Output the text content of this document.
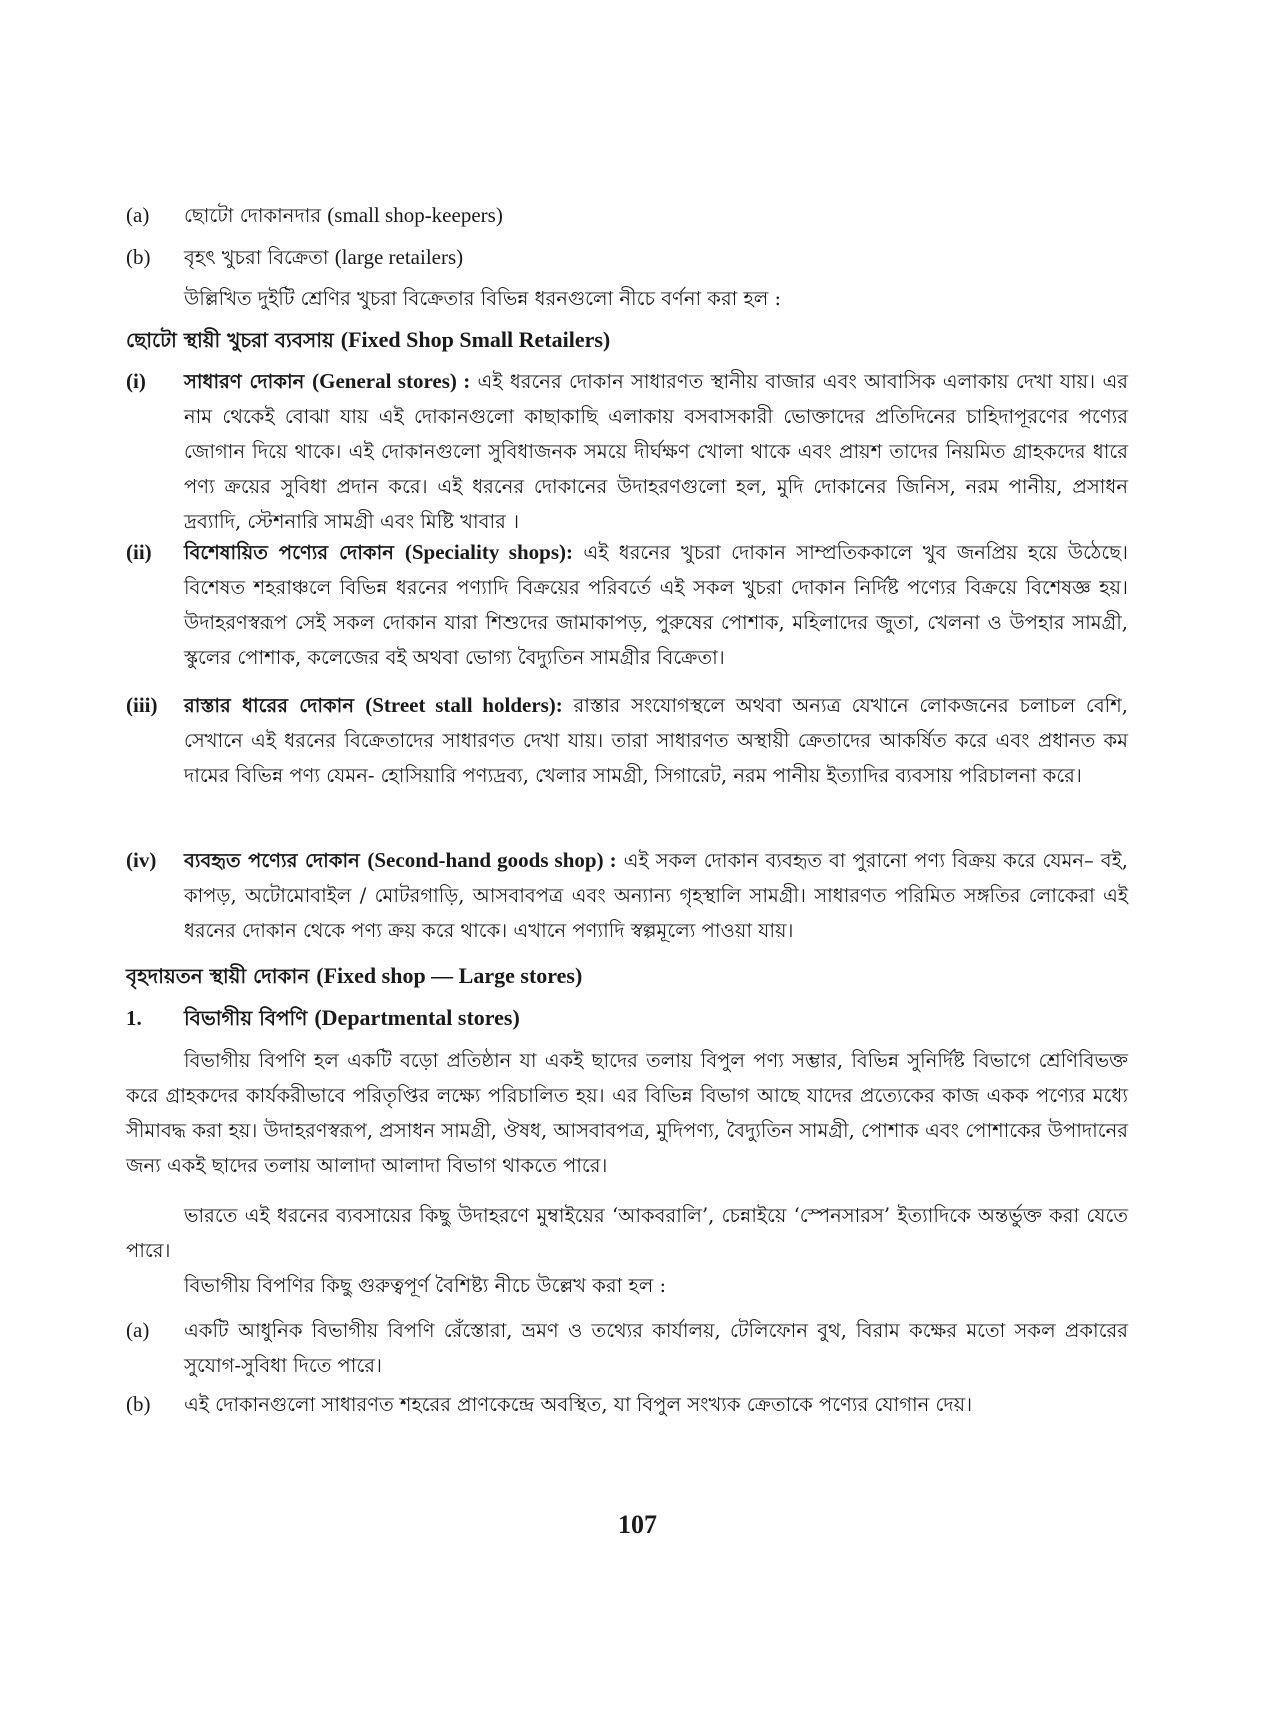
(a) ছোটো দোকানদার (small shop-keepers)
(b) বৃহৎ খুচরা বিক্রেতা (large retailers)
উল্লিখিত দুইটি শ্রেণির খুচরা বিক্রেতার বিভিন্ন ধরনগুলো নীচে বর্ণনা করা হল :
ছোটো স্থায়ী খুচরা ব্যবসায় (Fixed Shop Small Retailers)
(i) সাধারণ দোকান (General stores) : এই ধরনের দোকান সাধারণত স্থানীয় বাজার এবং আবাসিক এলাকায় দেখা যায়। এর নাম থেকেই বোঝা যায় এই দোকানগুলো কাছাকাছি এলাকায় বসবাসকারী ভোক্তাদের প্রতিদিনের চাহিদাপূরণের পণ্যের জোগান দিয়ে থাকে। এই দোকানগুলো সুবিধাজনক সময়ে দীর্ঘক্ষণ খোলা থাকে এবং প্রায়শ তাদের নিয়মিত গ্রাহকদের ধারে পণ্য ক্রয়ের সুবিধা প্রদান করে। এই ধরনের দোকানের উদাহরণগুলো হল, মুদি দোকানের জিনিস, নরম পানীয়, প্রসাধন দ্রব্যাদি, স্টেশনারি সামগ্রী এবং মিষ্টি খাবার ।
(ii) বিশেষায়িত পণ্যের দোকান (Speciality shops): এই ধরনের খুচরা দোকান সাম্প্রতিককালে খুব জনপ্রিয় হয়ে উঠেছে। বিশেষত শহরাঞ্চলে বিভিন্ন ধরনের পণ্যাদি বিক্রয়ের পরিবর্তে এই সকল খুচরা দোকান নির্দিষ্ট পণ্যের বিক্রয়ে বিশেষজ্ঞ হয়। উদাহরণস্বরূপ সেই সকল দোকান যারা শিশুদের জামাকাপড়, পুরুষের পোশাক, মহিলাদের জুতা, খেলনা ও উপহার সামগ্রী, স্কুলের পোশাক, কলেজের বই অথবা ভোগ্য বৈদ্যুতিন সামগ্রীর বিক্রেতা।
(iii) রাস্তার ধারের দোকান (Street stall holders): রাস্তার সংযোগস্থলে অথবা অন্যত্র যেখানে লোকজনের চলাচল বেশি, সেখানে এই ধরনের বিক্রেতাদের সাধারণত দেখা যায়। তারা সাধারণত অস্থায়ী ক্রেতাদের আকর্ষিত করে এবং প্রধানত কম দামের বিভিন্ন পণ্য যেমন- হোসিয়ারি পণ্যদ্রব্য, খেলার সামগ্রী, সিগারেট, নরম পানীয় ইত্যাদির ব্যবসায় পরিচালনা করে।
(iv) ব্যবহৃত পণ্যের দোকান (Second-hand goods shop) : এই সকল দোকান ব্যবহৃত বা পুরানো পণ্য বিক্রয় করে যেমন– বই, কাপড়, অটোমোবাইল / মোটরগাড়ি, আসবাবপত্র এবং অন্যান্য গৃহস্থালি সামগ্রী। সাধারণত পরিমিত সঙ্গতির লোকেরা এই ধরনের দোকান থেকে পণ্য ক্রয় করে থাকে। এখানে পণ্যাদি স্বল্পমূল্যে পাওয়া যায়।
বৃহদায়তন স্থায়ী দোকান (Fixed shop — Large stores)
1. বিভাগীয় বিপণি (Departmental stores)
বিভাগীয় বিপণি হল একটি বড়ো প্রতিষ্ঠান যা একই ছাদের তলায় বিপুল পণ্য সম্ভার, বিভিন্ন সুনির্দিষ্ট বিভাগে শ্রেণিবিভক্ত করে গ্রাহকদের কার্যকরীভাবে পরিতৃপ্তির লক্ষ্যে পরিচালিত হয়। এর বিভিন্ন বিভাগ আছে যাদের প্রত্যেকের কাজ একক পণ্যের মধ্যে সীমাবদ্ধ করা হয়। উদাহরণস্বরূপ, প্রসাধন সামগ্রী, ঔষধ, আসবাবপত্র, মুদিপণ্য, বৈদ্যুতিন সামগ্রী, পোশাক এবং পোশাকের উপাদানের জন্য একই ছাদের তলায় আলাদা আলাদা বিভাগ থাকতে পারে।
ভারতে এই ধরনের ব্যবসায়ের কিছু উদাহরণে মুম্বাইয়ের ‘আকবরালি’, চেন্নাইয়ে ‘স্পেনসারস’ ইত্যাদিকে অন্তর্ভুক্ত করা যেতে পারে।
বিভাগীয় বিপণির কিছু গুরুত্বপূর্ণ বৈশিষ্ট্য নীচে উল্লেখ করা হল :
(a) একটি আধুনিক বিভাগীয় বিপণি রেঁস্তোরা, ভ্রমণ ও তথ্যের কার্যালয়, টেলিফোন বুথ, বিরাম কক্ষের মতো সকল প্রকারের সুযোগ-সুবিধা দিতে পারে।
(b) এই দোকানগুলো সাধারণত শহরের প্রাণকেন্দ্রে অবস্থিত, যা বিপুল সংখ্যক ক্রেতাকে পণ্যের যোগান দেয়।
107
